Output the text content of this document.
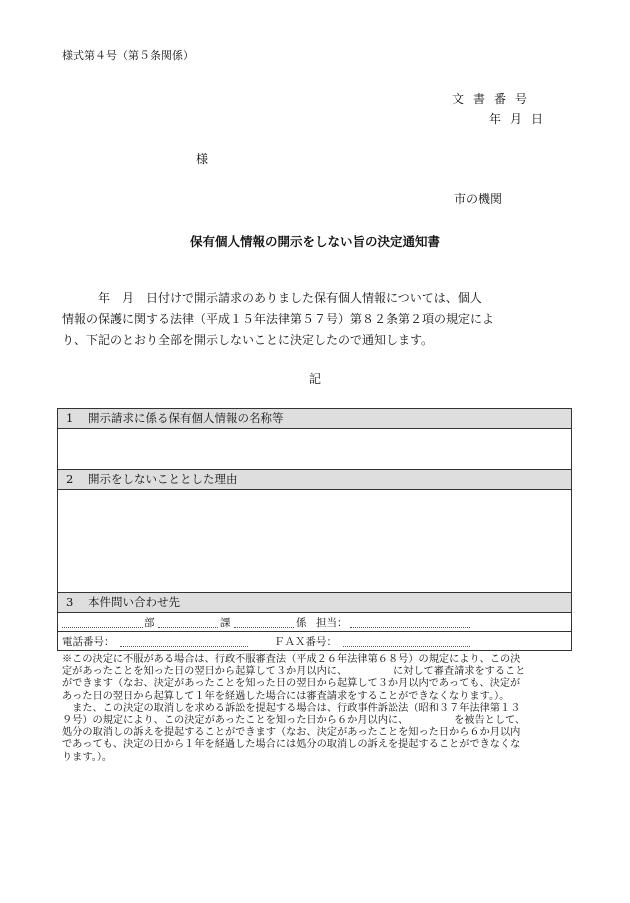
様式第４号（第５条関係）
文書番号
年月日
様
市の機関
保有個人情報の開示をしない旨の決定通知書

　　　年　月　日付けで開示請求のありました保有個人情報については、個人

情報の保護に関する法律（平成１５年法律第５７号）第８２条第２項の規定によ

り、下記のとおり全部を開示しないことに決定したので通知します。

記
1 開示請求に係る保有個人情報の名称等
2 開示をしないこととした理由
3 本件問い合わせ先
部	課	係 担当：
電話番号：	ＦＡＸ番号：

※この決定に不服がある場合は、行政不服審査法（平成２６年法律第６８号）の規定により、この決

定があったことを知った日の翌日から起算して３か月以内に、　　　　　に対して審査請求をすること

ができます（なお、決定があったことを知った日の翌日から起算して３か月以内であっても、決定が

あった日の翌日から起算して１年を経過した場合には審査請求をすることができなくなります。）。

　また、この決定の取消しを求める訴訟を提起する場合は、行政事件訴訟法（昭和３７年法律第１３

９号）の規定により、この決定があったことを知った日から６か月以内に、　　　　　を被告として、

処分の取消しの訴えを提起することができます（なお、決定があったことを知った日から６か月以内

であっても、決定の日から１年を経過した場合には処分の取消しの訴えを提起することができなくな

ります。）。
